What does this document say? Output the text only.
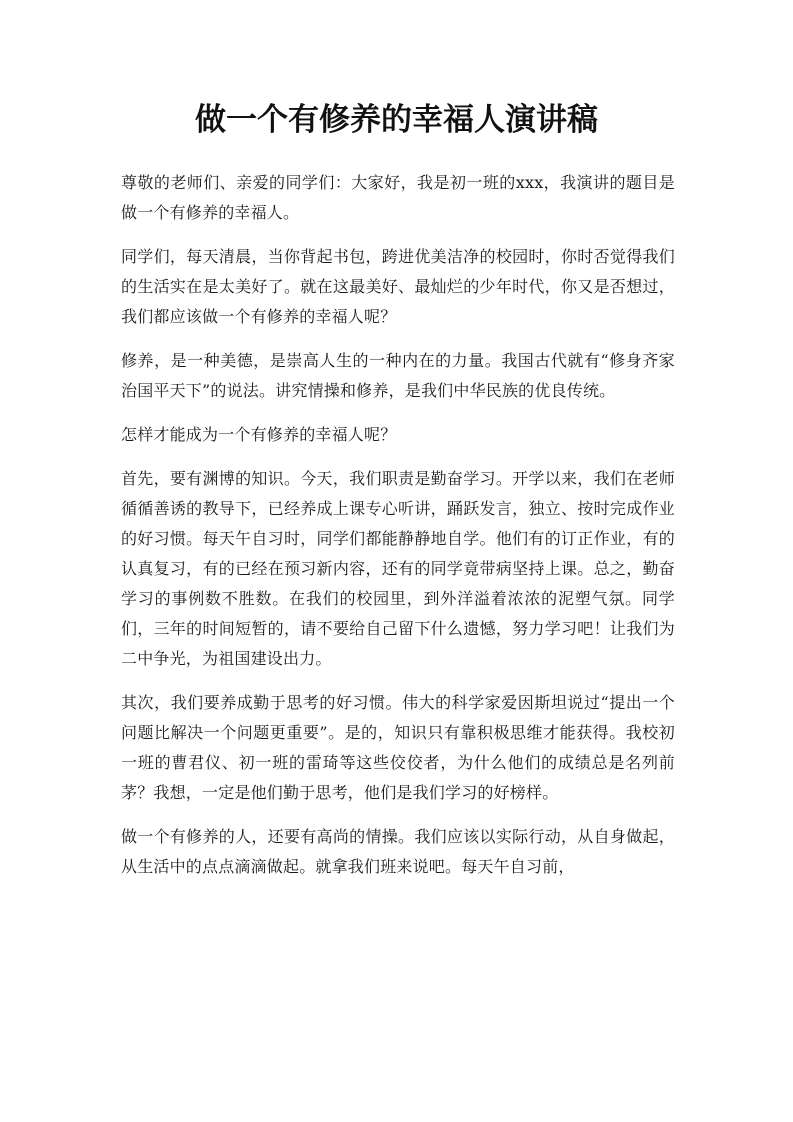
做一个有修养的幸福人演讲稿

尊敬的老师们、亲爱的同学们：大家好，我是初一班的xxx，我演讲的题目是做一个有修养的幸福人。

同学们，每天清晨，当你背起书包，跨进优美洁净的校园时，你时否觉得我们的生活实在是太美好了。就在这最美好、最灿烂的少年时代，你又是否想过，我们都应该做一个有修养的幸福人呢？

修养，是一种美德，是崇高人生的一种内在的力量。我国古代就有“修身齐家治国平天下”的说法。讲究情操和修养，是我们中华民族的优良传统。

怎样才能成为一个有修养的幸福人呢？

首先，要有渊博的知识。今天，我们职责是勤奋学习。开学以来，我们在老师循循善诱的教导下，已经养成上课专心听讲，踊跃发言，独立、按时完成作业的好习惯。每天午自习时，同学们都能静静地自学。他们有的订正作业，有的认真复习，有的已经在预习新内容，还有的同学竟带病坚持上课。总之，勤奋学习的事例数不胜数。在我们的校园里，到外洋溢着浓浓的泥塑气氛。同学们，三年的时间短暂的，请不要给自己留下什么遗憾，努力学习吧！让我们为二中争光，为祖国建设出力。

其次，我们要养成勤于思考的好习惯。伟大的科学家爱因斯坦说过“提出一个问题比解决一个问题更重要”。是的，知识只有靠积极思维才能获得。我校初一班的曹君仪、初一班的雷琦等这些佼佼者，为什么他们的成绩总是名列前茅？我想，一定是他们勤于思考，他们是我们学习的好榜样。

做一个有修养的人，还要有高尚的情操。我们应该以实际行动，从自身做起，从生活中的点点滴滴做起。就拿我们班来说吧。每天午自习前，
